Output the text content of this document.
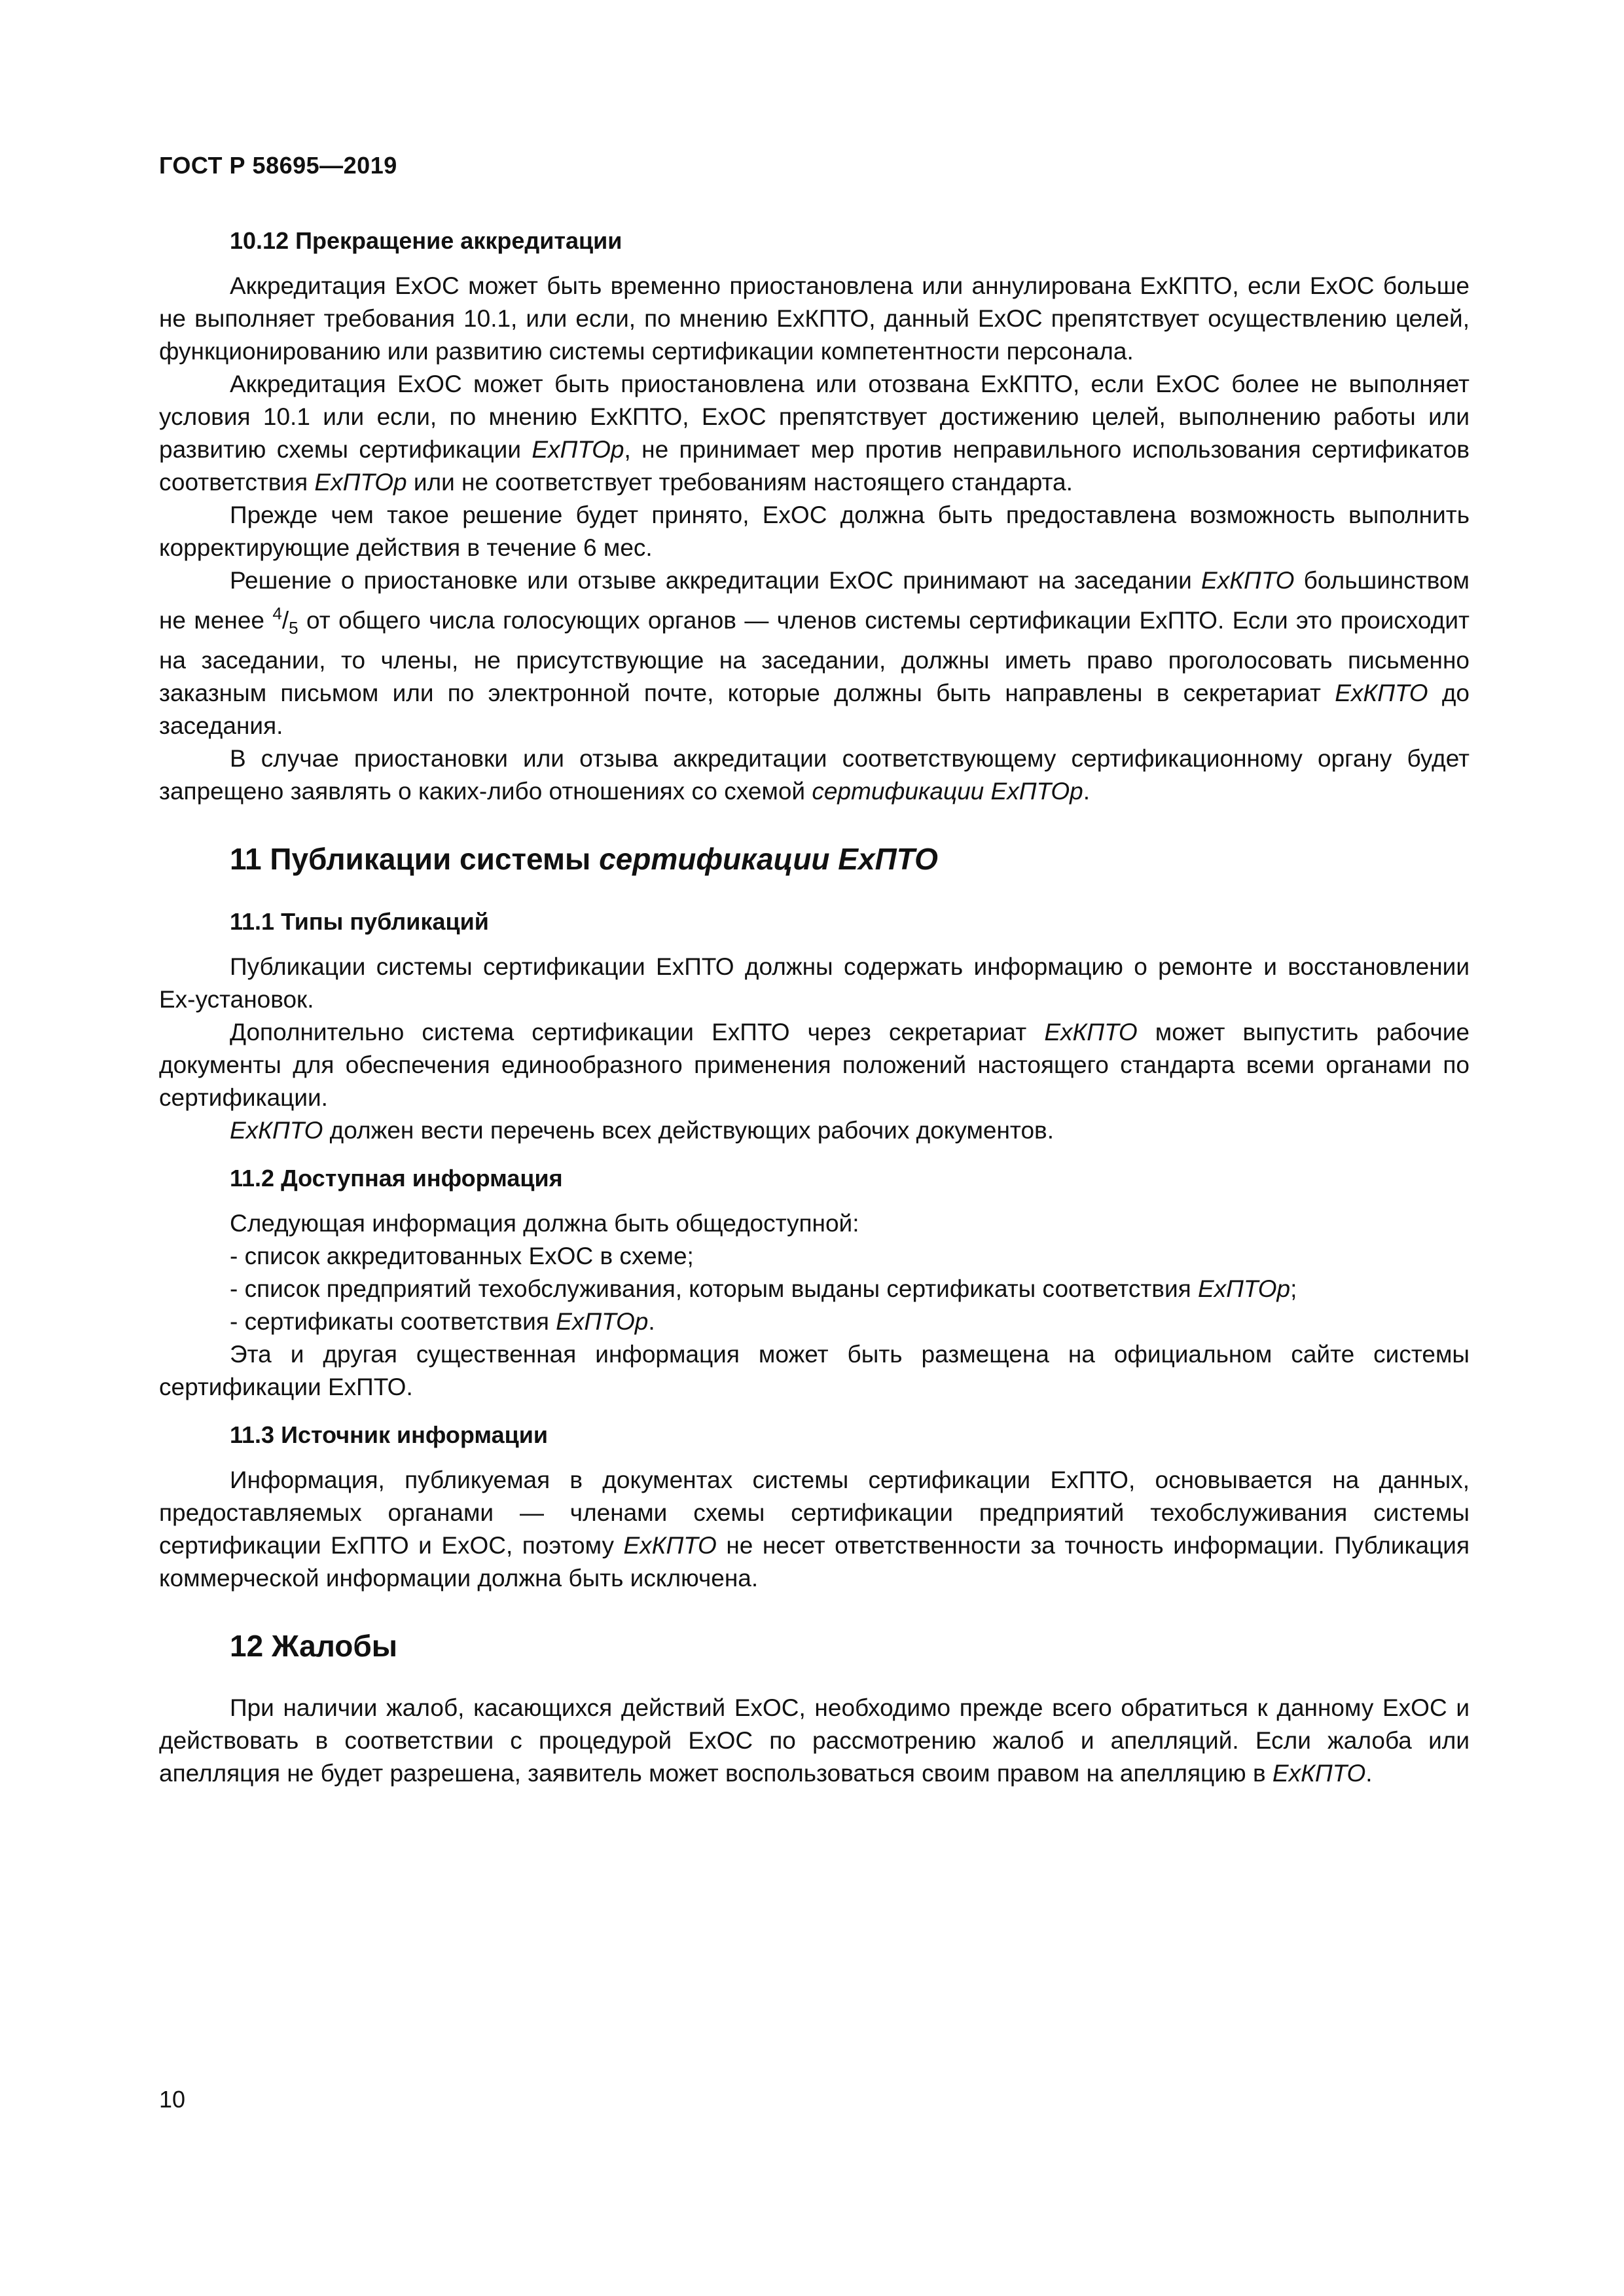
ГОСТ Р 58695—2019
10.12 Прекращение аккредитации

Аккредитация ExOC может быть временно приостановлена или аннулирована ExКПТО, если ExOC больше не выполняет требования 10.1, или если, по мнению ExКПТО, данный ExOC препятствует осуществлению целей, функционированию или развитию системы сертификации компетентности персонала.

Аккредитация ExOC может быть приостановлена или отозвана ExКПТО, если ExOC более не выполняет условия 10.1 или если, по мнению ExКПТО, ExOC препятствует достижению целей, выполнению работы или развитию схемы сертификации ExПТОр, не принимает мер против неправильного использования сертификатов соответствия ExПТОр или не соответствует требованиям настоящего стандарта.

Прежде чем такое решение будет принято, ExOC должна быть предоставлена возможность выполнить корректирующие действия в течение 6 мес.

Решение о приостановке или отзыве аккредитации ExOC принимают на заседании ExКПТО большинством не менее $^4/_5$ от общего числа голосующих органов — членов системы сертификации ExПТО. Если это происходит на заседании, то члены, не присутствующие на заседании, должны иметь право проголосовать письменно заказным письмом или по электронной почте, которые должны быть направлены в секретариат ExКПТО до заседания.

В случае приостановки или отзыва аккредитации соответствующему сертификационному органу будет запрещено заявлять о каких-либо отношениях со схемой сертификации ExПТОр.

11 Публикации системы сертификации ExПТО
11.1 Типы публикаций

Публикации системы сертификации ExПТО должны содержать информацию о ремонте и восстановлении Ex-установок.

Дополнительно система сертификации ExПТО через секретариат ExКПТО может выпустить рабочие документы для обеспечения единообразного применения положений настоящего стандарта всеми органами по сертификации.

ExКПТО должен вести перечень всех действующих рабочих документов.

11.2 Доступная информация

Следующая информация должна быть общедоступной:

- список аккредитованных ExOC в схеме;

- список предприятий техобслуживания, которым выданы сертификаты соответствия ExПТОр;

- сертификаты соответствия ExПТОр.

Эта и другая существенная информация может быть размещена на официальном сайте системы сертификации ExПТО.

11.3 Источник информации

Информация, публикуемая в документах системы сертификации ExПТО, основывается на данных, предоставляемых органами — членами схемы сертификации предприятий техобслуживания системы сертификации ExПТО и ExOC, поэтому ExКПТО не несет ответственности за точность информации. Публикация коммерческой информации должна быть исключена.

12 Жалобы

При наличии жалоб, касающихся действий ExOC, необходимо прежде всего обратиться к данному ExOC и действовать в соответствии с процедурой ExOC по рассмотрению жалоб и апелляций. Если жалоба или апелляция не будет разрешена, заявитель может воспользоваться своим правом на апелляцию в ExКПТО.

10
